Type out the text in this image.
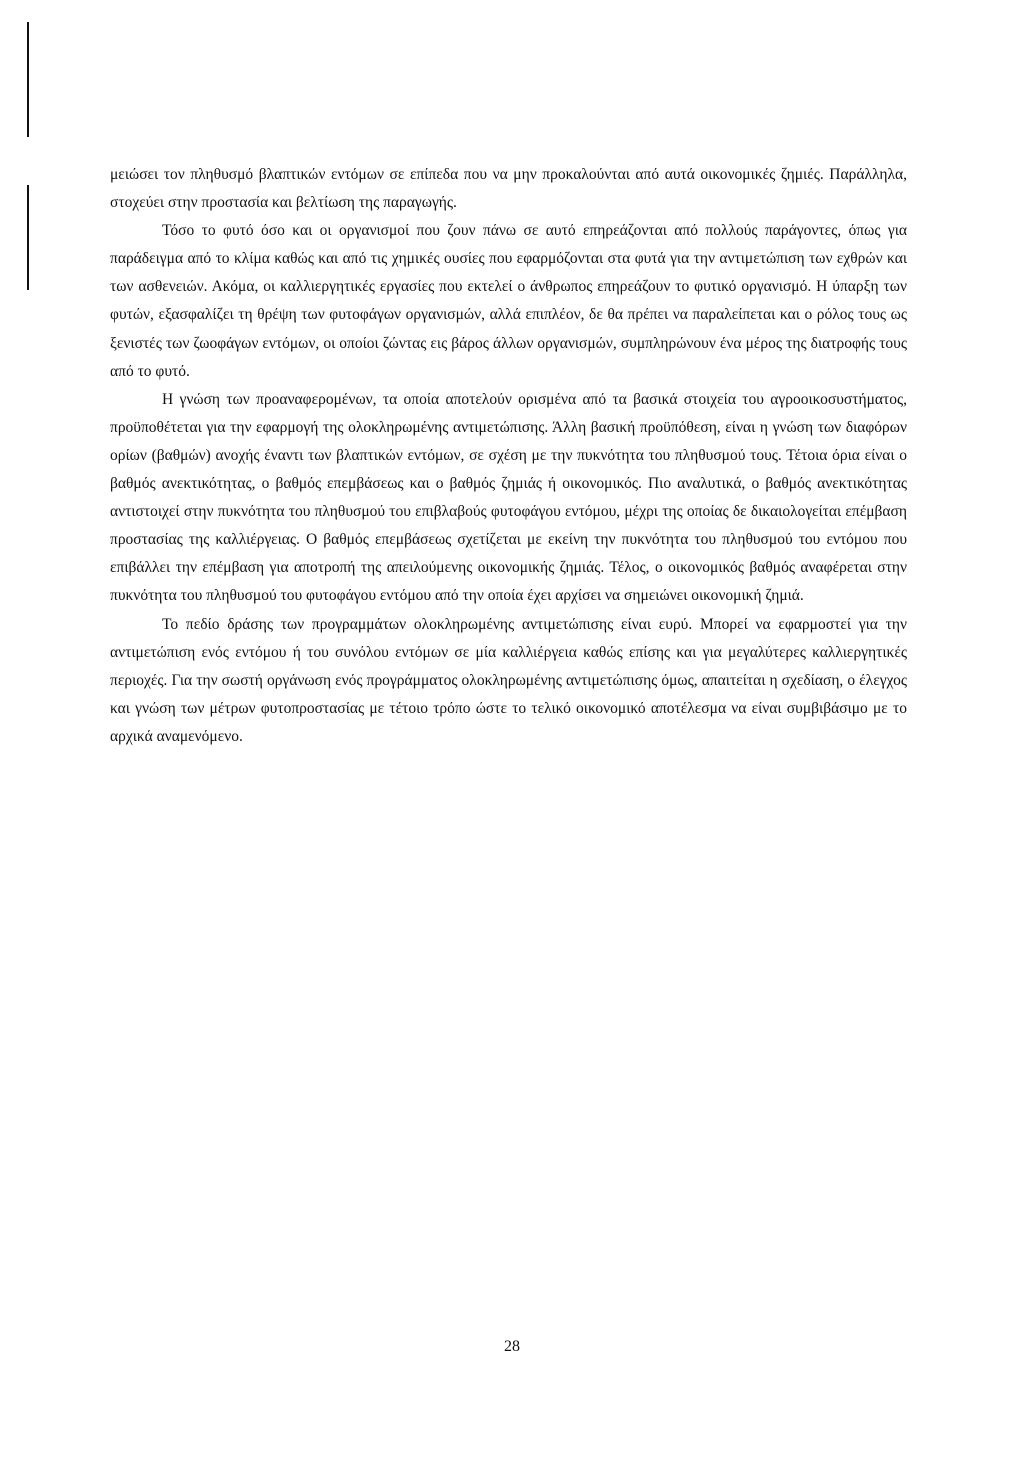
μειώσει τον πληθυσμό βλαπτικών εντόμων σε επίπεδα που να μην προκαλούνται από αυτά οικονομικές ζημιές. Παράλληλα, στοχεύει στην προστασία και βελτίωση της παραγωγής.

Τόσο το φυτό όσο και οι οργανισμοί που ζουν πάνω σε αυτό επηρεάζονται από πολλούς παράγοντες, όπως για παράδειγμα από το κλίμα καθώς και από τις χημικές ουσίες που εφαρμόζονται στα φυτά για την αντιμετώπιση των εχθρών και των ασθενειών. Ακόμα, οι καλλιεργητικές εργασίες που εκτελεί ο άνθρωπος επηρεάζουν το φυτικό οργανισμό. Η ύπαρξη των φυτών, εξασφαλίζει τη θρέψη των φυτοφάγων οργανισμών, αλλά επιπλέον, δε θα πρέπει να παραλείπεται και ο ρόλος τους ως ξενιστές των ζωοφάγων εντόμων, οι οποίοι ζώντας εις βάρος άλλων οργανισμών, συμπληρώνουν ένα μέρος της διατροφής τους από το φυτό.

Η γνώση των προαναφερομένων, τα οποία αποτελούν ορισμένα από τα βασικά στοιχεία του αγροοικοσυστήματος, προϋποθέτεται για την εφαρμογή της ολοκληρωμένης αντιμετώπισης. Άλλη βασική προϋπόθεση, είναι η γνώση των διαφόρων ορίων (βαθμών) ανοχής έναντι των βλαπτικών εντόμων, σε σχέση με την πυκνότητα του πληθυσμού τους. Τέτοια όρια είναι ο βαθμός ανεκτικότητας, ο βαθμός επεμβάσεως και ο βαθμός ζημιάς ή οικονομικός. Πιο αναλυτικά, ο βαθμός ανεκτικότητας αντιστοιχεί στην πυκνότητα του πληθυσμού του επιβλαβούς φυτοφάγου εντόμου, μέχρι της οποίας δε δικαιολογείται επέμβαση προστασίας της καλλιέργειας. Ο βαθμός επεμβάσεως σχετίζεται με εκείνη την πυκνότητα του πληθυσμού του εντόμου που επιβάλλει την επέμβαση για αποτροπή της απειλούμενης οικονομικής ζημιάς. Τέλος, ο οικονομικός βαθμός αναφέρεται στην πυκνότητα του πληθυσμού του φυτοφάγου εντόμου από την οποία έχει αρχίσει να σημειώνει οικονομική ζημιά.

Το πεδίο δράσης των προγραμμάτων ολοκληρωμένης αντιμετώπισης είναι ευρύ. Μπορεί να εφαρμοστεί για την αντιμετώπιση ενός εντόμου ή του συνόλου εντόμων σε μία καλλιέργεια καθώς επίσης και για μεγαλύτερες καλλιεργητικές περιοχές. Για την σωστή οργάνωση ενός προγράμματος ολοκληρωμένης αντιμετώπισης όμως, απαιτείται η σχεδίαση, ο έλεγχος και γνώση των μέτρων φυτοπροστασίας με τέτοιο τρόπο ώστε το τελικό οικονομικό αποτέλεσμα να είναι συμβιβάσιμο με το αρχικά αναμενόμενο.

28
